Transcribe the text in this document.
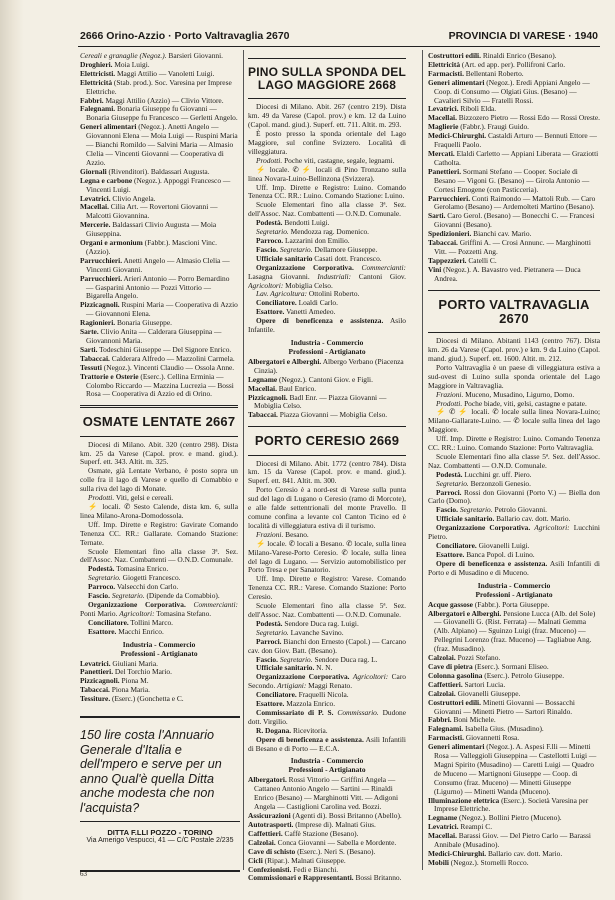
2666 Orino-Azzio · Porto Valtravaglia 2670	PROVINCIA DI VARESE · 1940

Cereali e granaglie (Negoz.). Barsieri Giovanni.

Droghieri. Moia Luigi.

Elettricisti. Maggi Attilio — Vanoletti Luigi.

Elettricità (Stab. prod.). Soc. Varesina per Imprese Elettriche.

Fabbri. Maggi Attilio (Azzio) — Clivio Vittore.

Falegnami. Bonaria Giuseppe fu Giovanni — Bonaria Giuseppe fu Francesco — Gerletti Angelo.

Generi alimentari (Negoz.). Anetti Angelo — Giovannoni Elena — Moia Luigi — Ruspini Maria — Bianchi Romildo — Salvini Maria — Almasio Clelia — Vincenti Giovanni — Cooperativa di Azzio.

Giornali (Rivenditori). Baldassari Augusta.

Legna e carbone (Negoz.). Appoggi Francesco — Vincenti Luigi.

Levatrici. Clivio Angela.

Macellai. Cilia Art. — Rovertoni Giovanni — Malcotti Giovannina.

Mercerie. Baldassari Clivio Augusta — Moia Giuseppina.

Organi e armonium (Fabbr.). Mascioni Vinc. (Azzio).

Parrucchieri. Anetti Angelo — Almasio Clelia — Vincenti Giovanni.

Parrucchieri. Arieri Antonio — Porro Bernardino — Gasparini Antonio — Pozzi Vittorio — Bigarella Angelo.

Pizzicagnoli. Ruspini Maria — Cooperativa di Azzio — Giovannoni Elena.

Ragionieri. Bonaria Giuseppe.

Sarte. Clivio Anita — Calderara Giuseppina — Giovannoni Maria.

Sarti. Todeschini Giuseppe — Del Signore Enrico.

Tabaccai. Calderara Alfredo — Mazzolini Carmela.

Tessuti (Negoz.). Vincenti Claudio — Ossola Anne.

Trattorie e Osterie (Eserc.). Cellina Erminia — Colombo Riccardo — Mazzina Lucrezia — Bossi Rosa — Cooperativa di Azzio ed di Orino.

OSMATE LENTATE 2667

Diocesi di Milano. Abit. 320 (centro 298). Dista km. 25 da Varese (Capol. prov. e mand. giud.). Superf. ett. 343. Altit. m. 325.

Osmate, già Lentate Verbano, è posto sopra un colle fra il lago di Varese e quello di Comabbio e sulla riva del lago di Monate.

Prodotti. Viti, gelsi e cereali.

⚡ locali. ✆ Sesto Calende, dista km. 6, sulla linea Milano-Arona-Domodossola.

Uff. Imp. Dirette e Registro: Gavirate Comando Tenenza CC. RR.: Gallarate. Comando Stazione: Ternate.

Scuole Elementari fino alla classe 3ª. Sez. dell'Assoc. Naz. Combattenti — O.N.D. Comunale.

Podestà. Tomasina Enrico.

Segretario. Giogetti Francesco.

Parroco. Valsecchi don Carlo.

Fascio. Segretario. (Dipende da Comabbio).

Organizzazione Corporativa. Commercianti: Ponti Mario. Agricoltori: Tomasina Stefano.

Conciliatore. Tollini Marco.

Esattore. Macchi Enrico.

Industria - Commercio
Professioni - Artigianato

Levatrici. Giuliani Maria.

Panettieri. Del Torchio Mario.

Pizzicagnoli. Piona M.

Tabaccai. Piona Maria.

Tessiture. (Eserc.) (Gonchetta e C.

150 lire costa l'Annuario Generale d'Italia e dell'mpero e serve per un anno Qual'è quella Ditta anche modesta che non l'acquista?
DITTA F.LLI POZZO - TORINO
Via Amerigo Vespucci, 41 — C/C Postale 2/235
63
PINO SULLA SPONDA DEL LAGO MAGGIORE 2668

Diocesi di Milano. Abit. 267 (centro 219). Dista km. 49 da Varese (Capol. prov.) e km. 12 da Luino (Capol. mand. giud.). Superf. ett. 711. Altit. m. 293.

È posto presso la sponda orientale del Lago Maggiore, sul confine Svizzero. Località di villeggiatura.

Prodotti. Poche viti, castagne, segale, legnami.

⚡ locale. ✆ ⚡ locali di Pino Tronzano sulla linea Novara-Luino-Bellinzona (Svizzera).

Uff. Imp. Dirette e Registro: Luino. Comando Tenenza CC. RR.: Luino. Comando Stazione: Luino.

Scuole Elementari fino alla classe 3ª. Sez. dell'Assoc. Naz. Combattenti — O.N.D. Comunale.

Podestà. Bendotti Luigi.

Segretario. Mendozza rag. Domenico.

Parroco. Lazzarini don Emilio.

Fascio. Segretario. Dellamore Giuseppe.

Ufficiale sanitario Casati dott. Francesco.

Organizzazione Corporativa. Commercianti: Lasagna Giovanni. Industriali: Cantoni Giov. Agricoltori: Mobiglia Celso.

Lav. Agricoltura: Ottolini Roberto.

Conciliatore. Loaldi Carlo.

Esattore. Vanetti Amedeo.

Opere di beneficenza e assistenza. Asilo Infantile.

Industria - Commercio
Professioni - Artigianato

Albergatori e Alberghi. Albergo Verbano (Piacenza Cinzia).

Legname (Negoz.). Cantoni Giov. e Figli.

Macellai. Baul Enrico.

Pizzicagnoli. Badl Enr. — Piazza Giovanni — Mobiglia Celso.

Tabaccai. Piazza Giovanni — Mobiglia Celso.

PORTO CERESIO 2669

Diocesi di Milano. Abit. 1772 (centro 784). Dista km. 15 da Varese (Capol. prov. e mand. giud.). Superf. ett. 841. Altit. m. 300.

Porto Ceresio è a nord-est di Varese sulla punta sud del lago di Lugano o Ceresio (ramo di Morcote), e alle falde settentrionali del monte Pravello. Il comune confina a levante col Canton Ticino ed è località di villeggiatura estiva di il turismo.

Frazioni. Besano.

⚡ locale. ✆ locali a Besano. ✆ locale, sulla linea Milano-Varese-Porto Ceresio. ✆ locale, sulla linea del lago di Lugano. — Servizio automobilistico per Porto Tresa e per Sanatorio.

Uff. Imp. Dirette e Registro: Varese. Comando Tenenza CC. RR.: Varese. Comando Stazione: Porto Ceresio.

Scuole Elementari fino alla classe 5ª. Sez. dell'Assoc. Naz. Combattenti — O.N.D. Comunale.

Podestà. Sendore Duca rag. Luigi.

Segretario. Lavanche Savino.

Parroci. Bianchi don Ernesto (Capol.) — Carcano cav. don Giov. Batt. (Besano).

Fascio. Segretario. Sendore Duca rag. L.

Ufficiale sanitario. N. N.

Organizzazione Corporativa. Agricoltori: Caro Secondo. Artigiani: Maggi Renato.

Conciliatore. Fraquelli Nicola.

Esattore. Mazzola Enrico.

Commissariato di P. S. Commissario. Dudone dott. Virgilio.

R. Dogana. Ricevitoria.

Opere di beneficenza e assistenza. Asili Infantili di Besano e di Porto — E.C.A.

Industria - Commercio
Professioni - Artigianato

Albergatori. Rossi Vittorio — Griffini Angela — Cattaneo Antonio Angelo — Sartini — Rinaldi Enrico (Besano) — Marghinotti Vitt. — Adigoni Angela — Castiglioni Carolina ved. Bozzi.

Assicurazioni (Agenti di). Bossi Britanno (Abello).

Autotrasporti. (Imprese di). Malnati Gius.

Caffettieri. Caffè Stazione (Besano).

Calzolai. Conca Giovanni — Sabella e Mordente.

Cave di schisto (Eserc.). Neri S. (Besano).

Cicli (Ripar.). Malnati Giuseppe.

Confezionisti. Fedi e Bianchi.

Commissionari e Rappresentanti. Bossi Britanno.

Costruttori edili. Rinaldi Enrico (Besano).

Elettricità (Art. ed app. per). Pollifroni Carlo.

Farmacisti. Bellentani Roberto.

Generi alimentari (Negoz.). Eredi Appiani Angelo — Coop. di Consumo — Olgiati Gius. (Besano) — Cavalieri Silvio — Fratelli Rossi.

Levatrici. Ribolì Elda.

Macellai. Bizzozero Pietro — Rossi Edo — Rossi Oreste.

Maglierie (Fabbr.). Fraugi Guido.

Medici-Chirurghi. Castaldi Arturo — Bennuti Ettore — Fraquelli Paolo.

Mercati. Elaldi Carletto — Appiani Liberata — Graziotti Catholta.

Panettieri. Sormani Stefano — Cooper. Sociale di Besano — Vigoni G. (Besano) — Girola Antonio — Cortesi Emogene (con Pasticceria).

Parrucchieri. Conti Raimondo — Mattoli Rub. — Caro Gerolamo (Besano) — Ardemolteti Martino (Besano).

Sarti. Caro Gerol. (Besano) — Bonecchi C. — Francesi Giovanni (Besano).

Spedizionieri. Bianchi cav. Mario.

Tabaccai. Griffini A. — Crosi Annunc. — Marghinotti Vitt. — Pozzetti Ang.

Tappezzieri. Catelli C.

Vini (Negoz.). A. Bavastro ved. Pietranera — Duca Andrea.

PORTO VALTRAVAGLIA 2670

Diocesi di Milano. Abitanti 1143 (centro 767). Dista km. 26 da Varese (Capol. prov.) e km. 9 da Luino (Capol. mand. giud.). Superf. ett. 1600. Altit. m. 212.

Porto Valtravaglia è un paese di villeggiatura estiva a sud-ovest di Luino sulla sponda orientale del Lago Maggiore in Valtravaglia.

Frazioni. Muceno, Musadino, Ligurno, Domo.

Prodotti. Poche biade, viti, gelsi, castagne e patate.

⚡ ✆ ⚡ locali. ✆ locale sulla linea Novara-Luino; Milano-Gallarate-Luino. — ✆ locale sulla linea del lago Maggiore.

Uff. Imp. Dirette e Registro: Luino. Comando Tenenza CC. RR.: Luino. Comando Stazione: Porto Valtravaglia.

Scuole Elementari fino alla classe 5ª. Sez. dell'Assoc. Naz. Combattenti — O.N.D. Comunale.

Podestà. Lucchini gr. uff. Piero.

Segretario. Berzonzoli Genesio.

Parroci. Rossi don Giovanni (Porto V.) — Biella don Carlo (Domo).

Fascio. Segretario. Petrolo Giovanni.

Ufficiale sanitario. Ballario cav. dott. Mario.

Organizzazione Corporativa. Agricoltori: Lucchini Pietro.

Conciliatore. Giovanelli Luigi.

Esattore. Banca Popol. di Luino.

Opere di beneficenza e assistenza. Asili Infantili di Porto e di Musadino e di Muceno.

Industria - Commercio
Professioni - Artigianato

Acque gassose (Fabbr.). Porta Giuseppe.

Albergatori e Alberghi. Pensione Lucca (Alb. del Sole) — Giovanelli G. (Rist. Ferrata) — Malnati Gemma (Alb. Alpiano) — Sguinzo Luigi (fraz. Muceno) — Pellegrini Lorenzo (fraz. Muceno) — Tagliabue Ang. (fraz. Musadino).

Calzolai. Pozzi Stefano.

Cave di pietra (Eserc.). Sormani Eliseo.

Colonna gasolina (Eserc.). Petrolo Giuseppe.

Caffettieri. Sartori Lucia.

Calzolai. Giovanelli Giuseppe.

Costruttori edili. Minetti Giovanni — Bossacchi Giovanni — Minetti Pietro — Sartori Rinaldo.

Fabbri. Boni Michele.

Falegnami. Isabella Gius. (Musadino).

Farmacisti. Giovannetti Rosa.

Generi alimentari (Negoz.). A. Aspesi F.lli — Minetti Rosa — Valleggioli Giuseppina — Castellotti Luigi — Magni Spirito (Musadino) — Caretti Luigi — Quadro de Muceno — Martignoni Giuseppe — Coop. di Consumo (fraz. Muceno) — Minetti Giuseppe (Ligurno) — Minetti Wanda (Muceno).

Illuminazione elettrica (Eserc.). Società Varesina per Imprese Elettriche.

Legname (Negoz.). Bollini Pietro (Muceno).

Levatrici. Reampi C.

Macellai. Barassi Giov. — Del Pietro Carlo — Barassi Annibale (Musadino).

Medici-Chirurghi. Ballario cav. dott. Mario.

Mobili (Negoz.). Stornelli Rocco.
